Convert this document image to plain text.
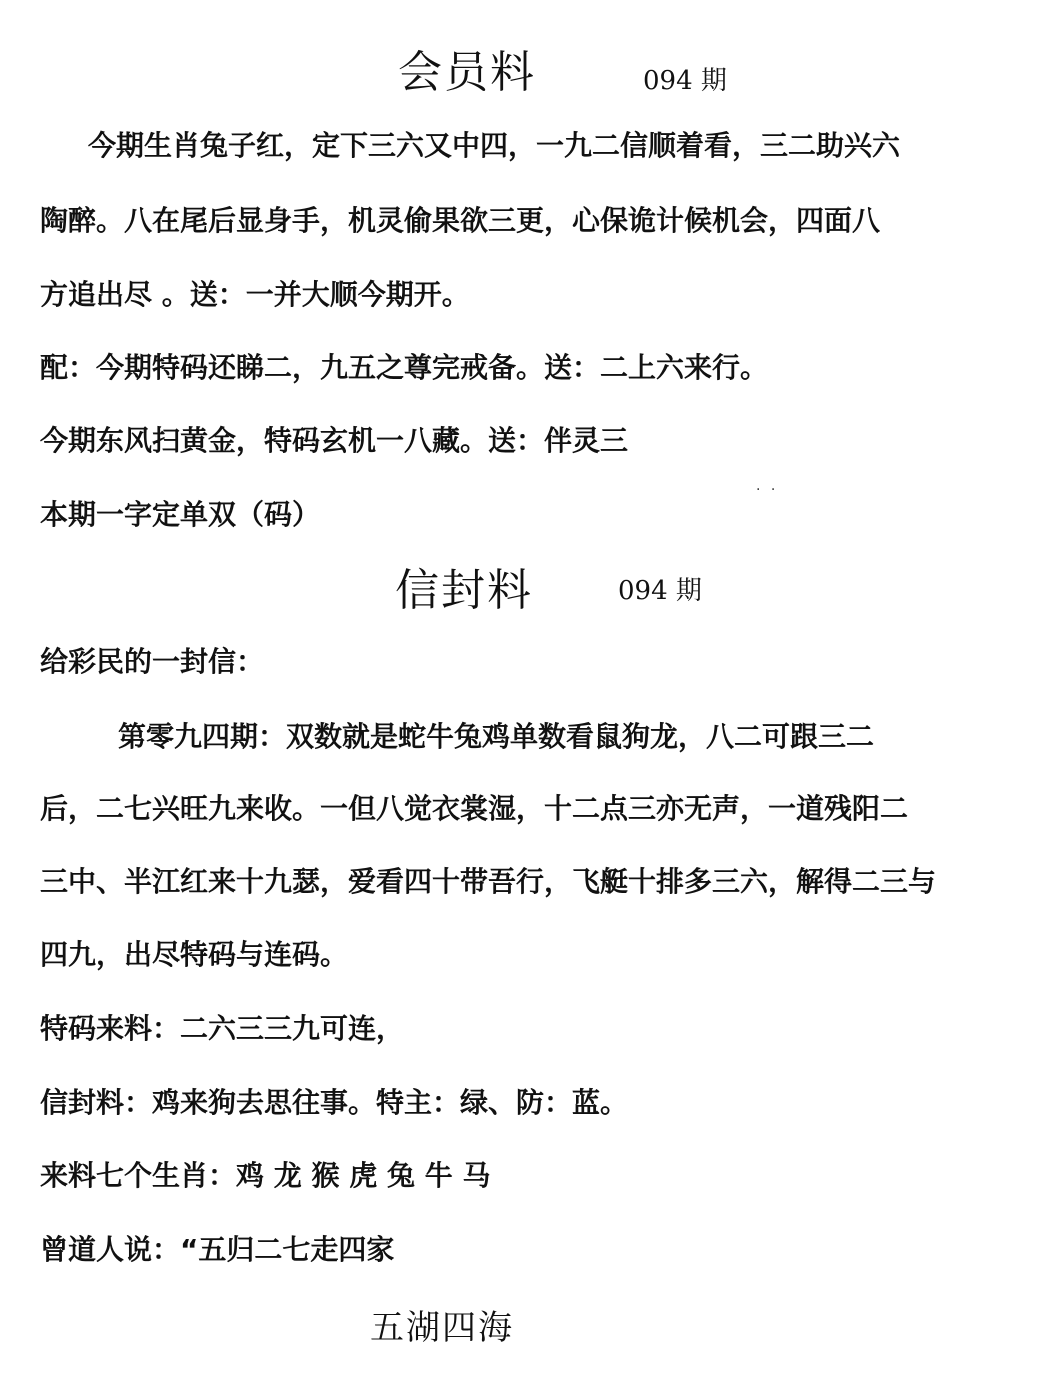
会员料	094 期
今期生肖兔子红，定下三六又中四，一九二信顺着看，三二助兴六
陶醉。八在尾后显身手，机灵偷果欲三更，心保诡计候机会，四面八
方追出尽 。送：一并大顺今期开。
配：今期特码还睇二，九五之尊完戒备。送：二上六来行。
今期东风扫黄金，特码玄机一八藏。送：伴灵三
. .
本期一字定单双（码）
信封料	094 期
给彩民的一封信：
第零九四期：双数就是蛇牛兔鸡单数看鼠狗龙，八二可跟三二
后，二七兴旺九来收。一但八觉衣裳湿，十二点三亦无声，一道残阳二
三中、半江红来十九瑟，爱看四十带吾行，飞艇十排多三六，解得二三与
四九，出尽特码与连码。
特码来料：二六三三九可连，
信封料：鸡来狗去思往事。特主：绿、防：蓝。
来料七个生肖：鸡 龙 猴 虎 兔 牛 马
曾道人说：“五归二七走四家
五湖四海
